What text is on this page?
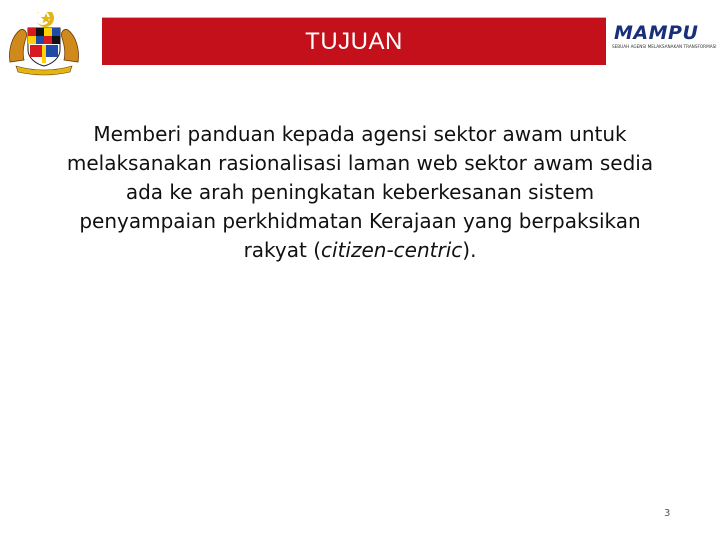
TUJUAN	MAMPU
SEBUAH AGENSI MELAKSANAKAN TRANSFORMASI

Memberi panduan kepada agensi sektor awam untuk melaksanakan rasionalisasi laman web sektor awam sedia ada ke arah peningkatan keberkesanan sistem penyampaian perkhidmatan Kerajaan yang berpaksikan rakyat (citizen-centric).

3
